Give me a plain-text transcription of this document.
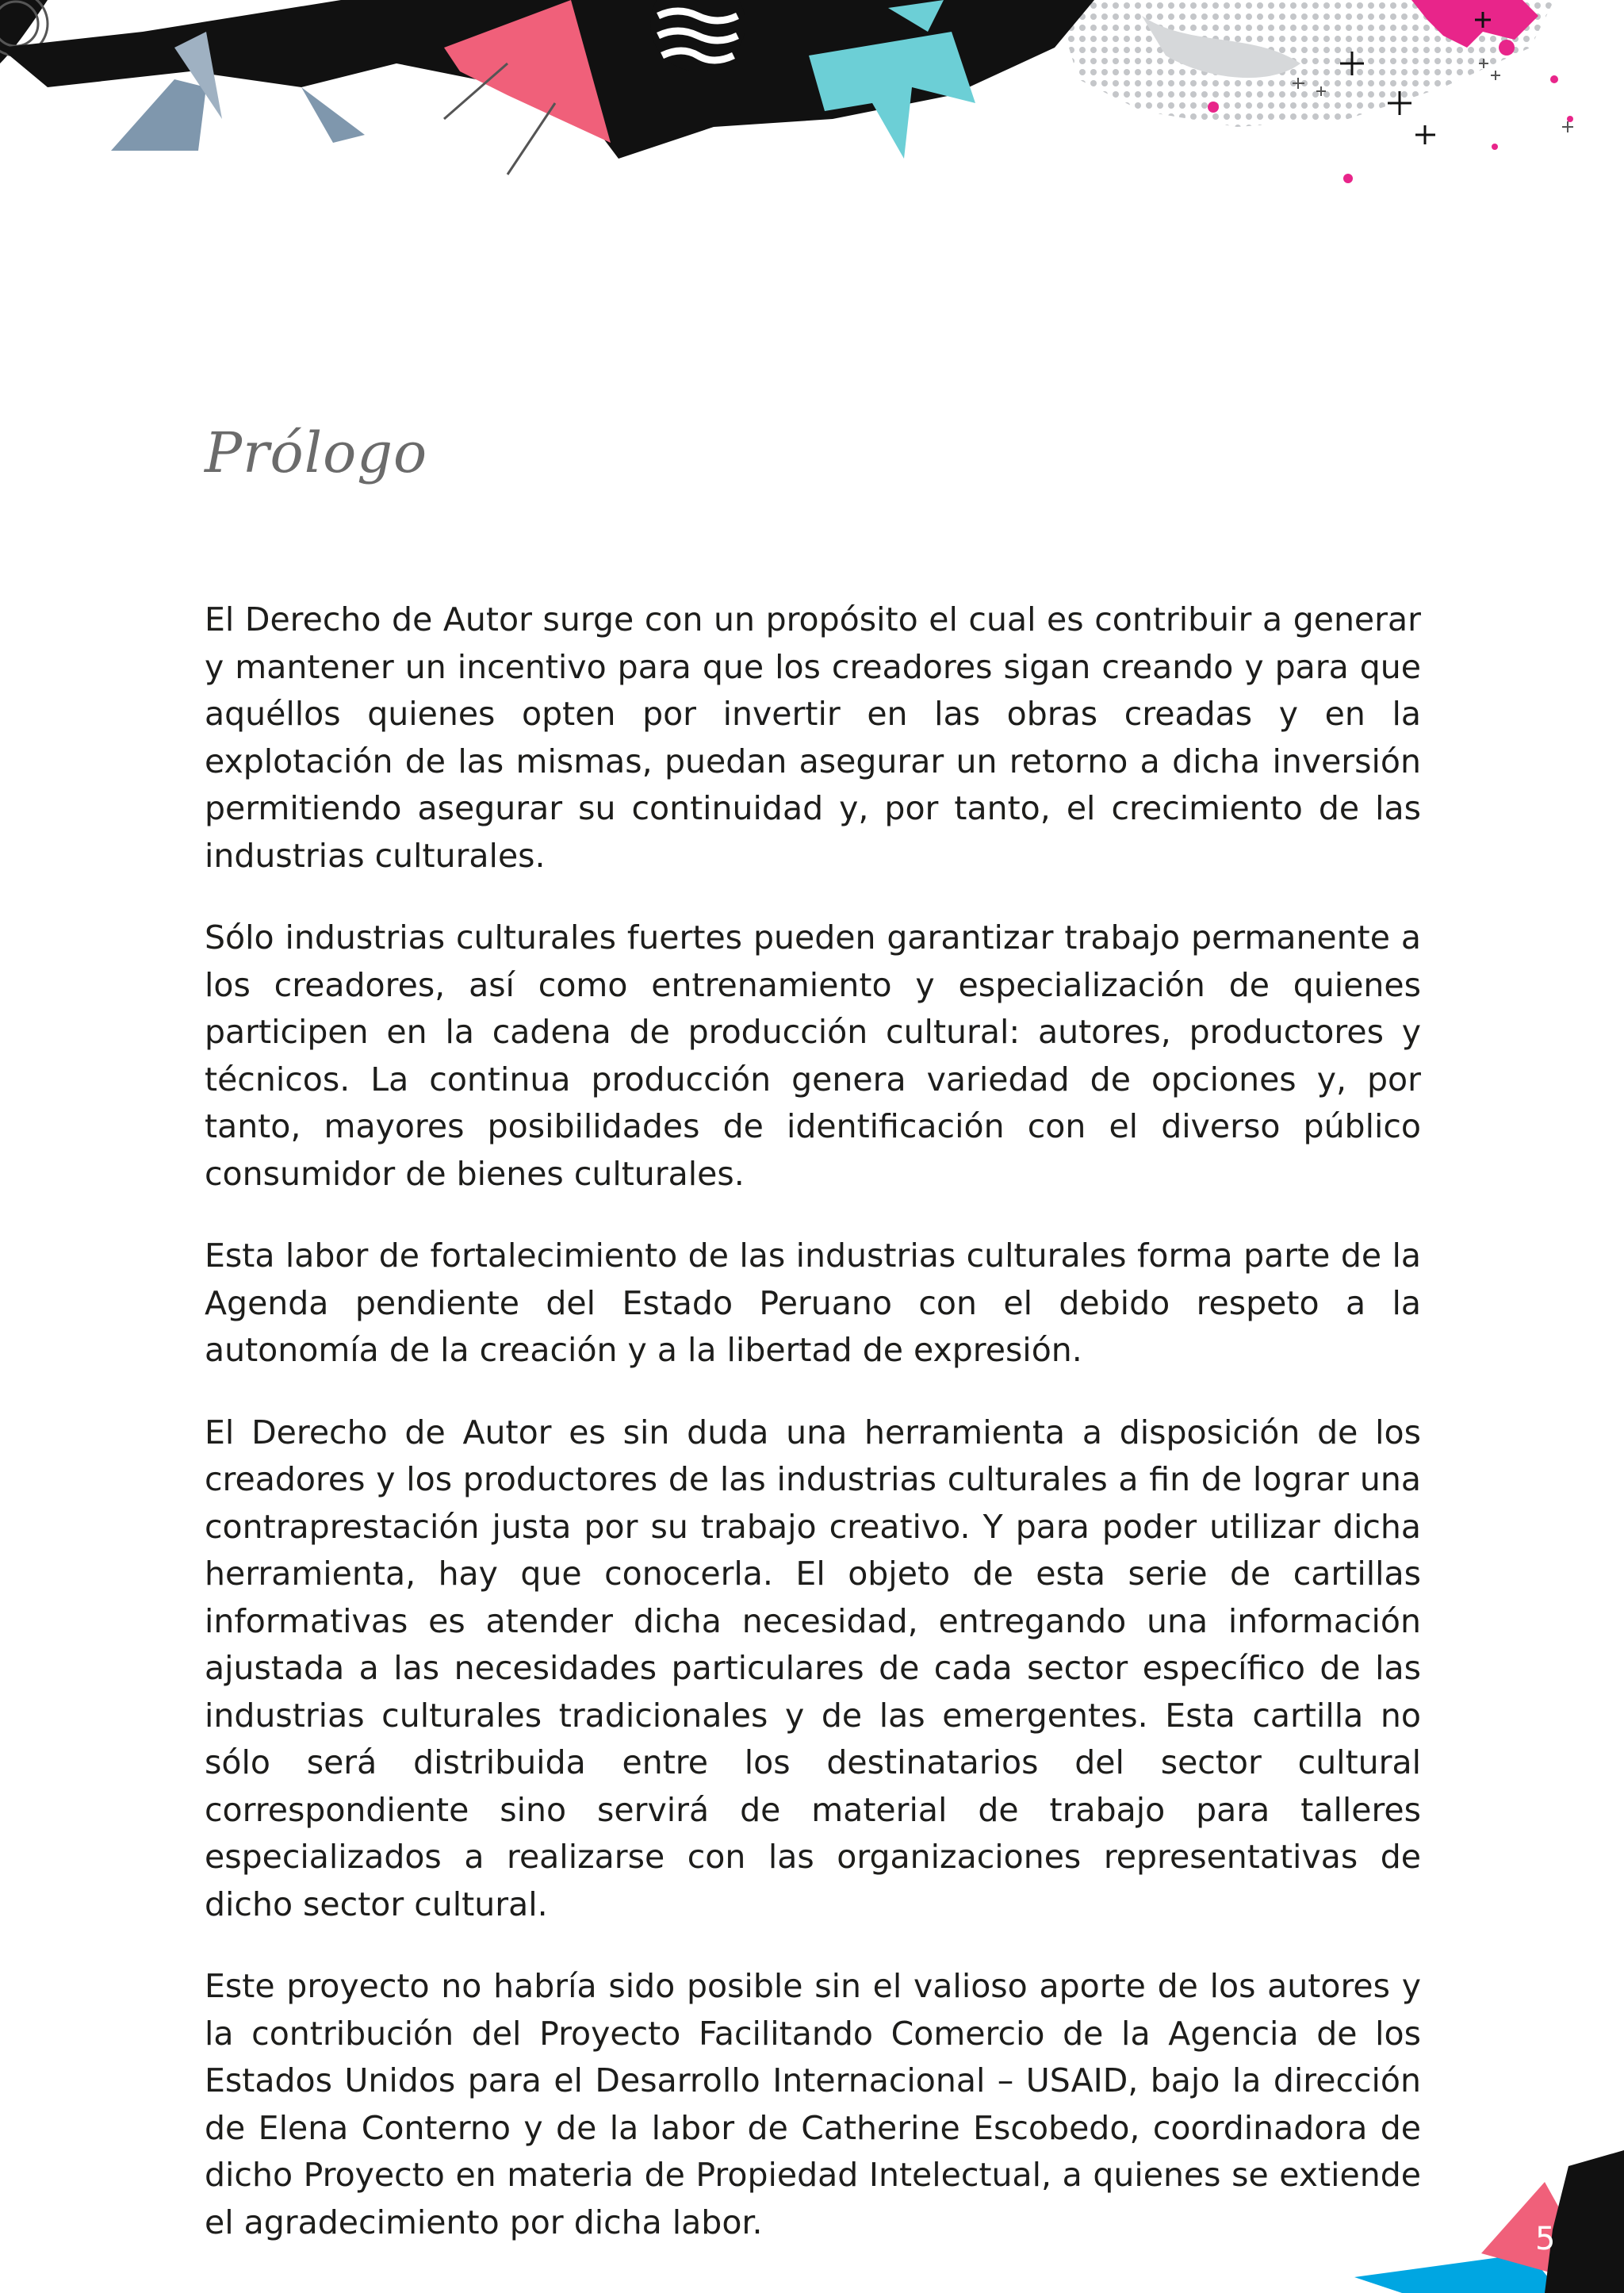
Prólogo

El Derecho de Autor surge con un propósito el cual es contribuir a generar y mantener un incentivo para que los creadores sigan creando y para que aquéllos quienes opten por invertir en las obras creadas y en la explotación de las mismas, puedan asegurar un retorno a dicha inversión permitiendo asegurar su continuidad y, por tanto, el crecimiento de las industrias culturales.

Sólo industrias culturales fuertes pueden garantizar trabajo permanente a los creadores, así como entrenamiento y especialización de quienes participen en la cadena de producción cultural: autores, productores y técnicos. La continua producción genera variedad de opciones y, por tanto, mayores posibilidades de identificación con el diverso público consumidor de bienes culturales.

Esta labor de fortalecimiento de las industrias culturales forma parte de la Agenda pendiente del Estado Peruano con el debido respeto a la autonomía de la creación y a la libertad de expresión.

El Derecho de Autor es sin duda una herramienta a disposición de los creadores y los productores de las industrias culturales a fin de lograr una contraprestación justa por su trabajo creativo. Y para poder utilizar dicha herramienta, hay que conocerla. El objeto de esta serie de cartillas informativas es atender dicha necesidad, entregando una información ajustada a las necesidades particulares de cada sector específico de las industrias culturales tradicionales y de las emergentes. Esta cartilla no sólo será distribuida entre los destinatarios del sector cultural correspondiente sino servirá de material de trabajo para talleres especializados a realizarse con las organizaciones representativas de dicho sector cultural.

Este proyecto no habría sido posible sin el valioso aporte de los autores y la contribución del Proyecto Facilitando Comercio de la Agencia de los Estados Unidos para el Desarrollo Internacional – USAID, bajo la dirección de Elena Conterno y de la labor de Catherine Escobedo, coordinadora de dicho Proyecto en materia de Propiedad Intelectual, a quienes se extiende el agradecimiento por dicha labor.	5
